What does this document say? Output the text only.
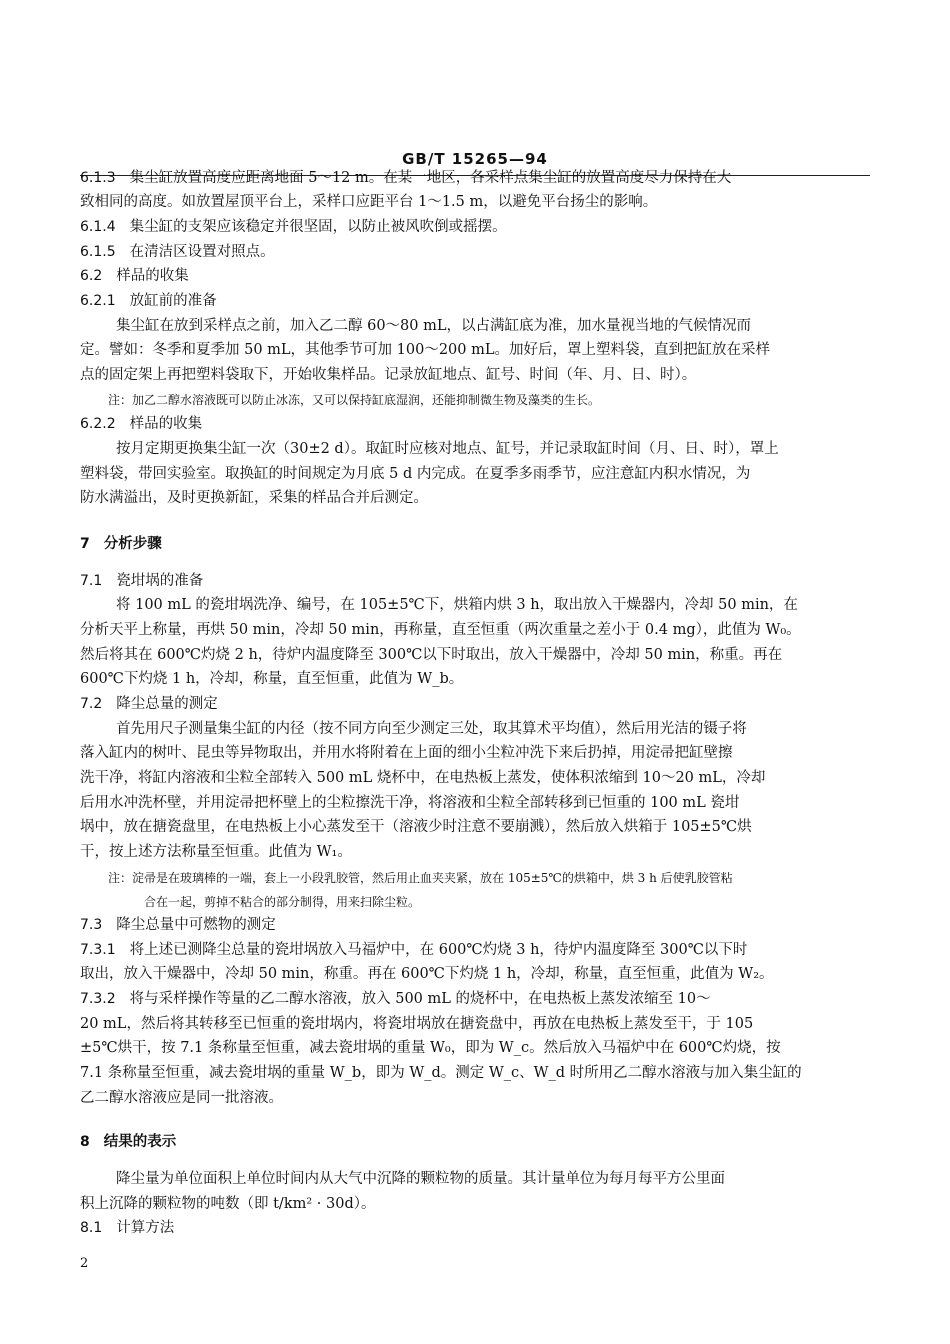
GB/T 15265—94
6.1.3 集尘缸放置高度应距离地面 5～12 m。在某一地区，各采样点集尘缸的放置高度尽力保持在大
致相同的高度。如放置屋顶平台上，采样口应距平台 1～1.5 m，以避免平台扬尘的影响。
6.1.4 集尘缸的支架应该稳定并很坚固，以防止被风吹倒或摇摆。
6.1.5 在清洁区设置对照点。
6.2 样品的收集
6.2.1 放缸前的准备
集尘缸在放到采样点之前，加入乙二醇 60～80 mL，以占满缸底为准，加水量视当地的气候情况而
定。譬如：冬季和夏季加 50 mL，其他季节可加 100～200 mL。加好后，罩上塑料袋，直到把缸放在采样
点的固定架上再把塑料袋取下，开始收集样品。记录放缸地点、缸号、时间（年、月、日、时）。
注：加乙二醇水溶液既可以防止冰冻，又可以保持缸底湿润，还能抑制微生物及藻类的生长。
6.2.2 样品的收集
按月定期更换集尘缸一次（30±2 d）。取缸时应核对地点、缸号，并记录取缸时间（月、日、时），罩上
塑料袋，带回实验室。取换缸的时间规定为月底 5 d 内完成。在夏季多雨季节，应注意缸内积水情况，为
防水满溢出，及时更换新缸，采集的样品合并后测定。
7 分析步骤
7.1 瓷坩埚的准备
将 100 mL 的瓷坩埚洗净、编号，在 105±5℃下，烘箱内烘 3 h，取出放入干燥器内，冷却 50 min，在
分析天平上称量，再烘 50 min，冷却 50 min，再称量，直至恒重（两次重量之差小于 0.4 mg），此值为 W₀。
然后将其在 600℃灼烧 2 h，待炉内温度降至 300℃以下时取出，放入干燥器中，冷却 50 min，称重。再在
600℃下灼烧 1 h，冷却，称量，直至恒重，此值为 W_b。
7.2 降尘总量的测定
首先用尺子测量集尘缸的内径（按不同方向至少测定三处，取其算术平均值），然后用光洁的镊子将
落入缸内的树叶、昆虫等异物取出，并用水将附着在上面的细小尘粒冲洗下来后扔掉，用淀帚把缸壁擦
洗干净，将缸内溶液和尘粒全部转入 500 mL 烧杯中，在电热板上蒸发，使体积浓缩到 10～20 mL，冷却
后用水冲洗杯壁，并用淀帚把杯壁上的尘粒擦洗干净，将溶液和尘粒全部转移到已恒重的 100 mL 瓷坩
埚中，放在搪瓷盘里，在电热板上小心蒸发至干（溶液少时注意不要崩溅），然后放入烘箱于 105±5℃烘
干，按上述方法称量至恒重。此值为 W₁。
注：淀帚是在玻璃棒的一端，套上一小段乳胶管，然后用止血夹夹紧，放在 105±5℃的烘箱中，烘 3 h 后使乳胶管粘
合在一起，剪掉不粘合的部分制得，用来扫除尘粒。
7.3 降尘总量中可燃物的测定
7.3.1 将上述已测降尘总量的瓷坩埚放入马福炉中，在 600℃灼烧 3 h，待炉内温度降至 300℃以下时
取出，放入干燥器中，冷却 50 min，称重。再在 600℃下灼烧 1 h，冷却，称量，直至恒重，此值为 W₂。
7.3.2 将与采样操作等量的乙二醇水溶液，放入 500 mL 的烧杯中，在电热板上蒸发浓缩至 10～
20 mL，然后将其转移至已恒重的瓷坩埚内，将瓷坩埚放在搪瓷盘中，再放在电热板上蒸发至干，于 105
±5℃烘干，按 7.1 条称量至恒重，减去瓷坩埚的重量 W₀，即为 W_c。然后放入马福炉中在 600℃灼烧，按
7.1 条称量至恒重，减去瓷坩埚的重量 W_b，即为 W_d。测定 W_c、W_d 时所用乙二醇水溶液与加入集尘缸的
乙二醇水溶液应是同一批溶液。
8 结果的表示
降尘量为单位面积上单位时间内从大气中沉降的颗粒物的质量。其计量单位为每月每平方公里面
积上沉降的颗粒物的吨数（即 t/km² · 30d）。
8.1 计算方法
2
